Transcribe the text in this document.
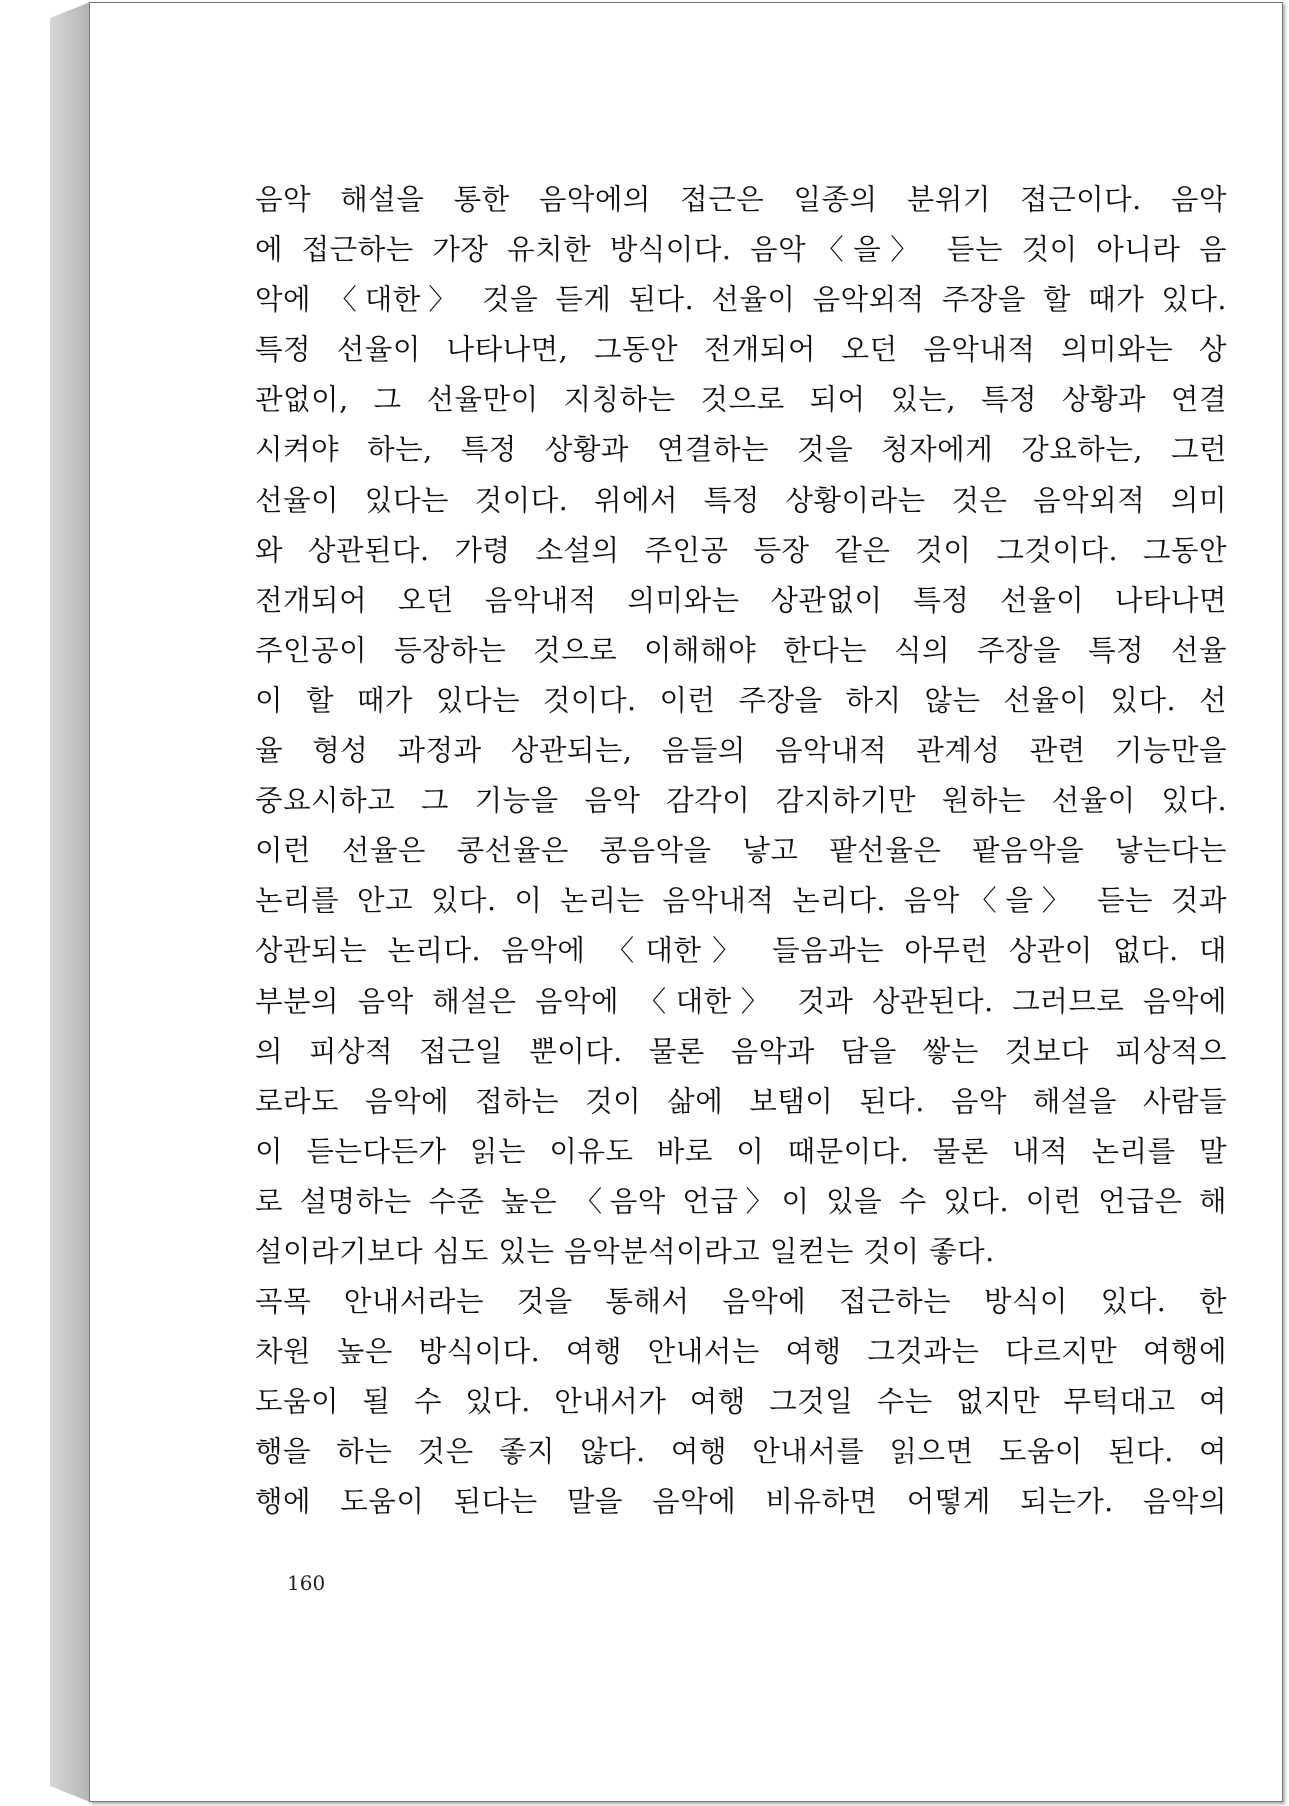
음악 해설을 통한 음악에의 접근은 일종의 분위기 접근이다. 음악
에 접근하는 가장 유치한 방식이다. 음악〈을〉 듣는 것이 아니라 음
악에 〈대한〉 것을 듣게 된다. 선율이 음악외적 주장을 할 때가 있다.
특정 선율이 나타나면, 그동안 전개되어 오던 음악내적 의미와는 상
관없이, 그 선율만이 지칭하는 것으로 되어 있는, 특정 상황과 연결
시켜야 하는, 특정 상황과 연결하는 것을 청자에게 강요하는, 그런
선율이 있다는 것이다. 위에서 특정 상황이라는 것은 음악외적 의미
와 상관된다. 가령 소설의 주인공 등장 같은 것이 그것이다. 그동안
전개되어 오던 음악내적 의미와는 상관없이 특정 선율이 나타나면
주인공이 등장하는 것으로 이해해야 한다는 식의 주장을 특정 선율
이 할 때가 있다는 것이다. 이런 주장을 하지 않는 선율이 있다. 선
율 형성 과정과 상관되는, 음들의 음악내적 관계성 관련 기능만을
중요시하고 그 기능을 음악 감각이 감지하기만 원하는 선율이 있다.
이런 선율은 콩선율은 콩음악을 낳고 팥선율은 팥음악을 낳는다는
논리를 안고 있다. 이 논리는 음악내적 논리다. 음악〈을〉 듣는 것과
상관되는 논리다. 음악에 〈대한〉 들음과는 아무런 상관이 없다. 대
부분의 음악 해설은 음악에 〈대한〉 것과 상관된다. 그러므로 음악에
의 피상적 접근일 뿐이다. 물론 음악과 담을 쌓는 것보다 피상적으
로라도 음악에 접하는 것이 삶에 보탬이 된다. 음악 해설을 사람들
이 듣는다든가 읽는 이유도 바로 이 때문이다. 물론 내적 논리를 말
로 설명하는 수준 높은 〈음악 언급〉이 있을 수 있다. 이런 언급은 해
설이라기보다 심도 있는 음악분석이라고 일컫는 것이 좋다.
곡목 안내서라는 것을 통해서 음악에 접근하는 방식이 있다. 한
차원 높은 방식이다. 여행 안내서는 여행 그것과는 다르지만 여행에
도움이 될 수 있다. 안내서가 여행 그것일 수는 없지만 무턱대고 여
행을 하는 것은 좋지 않다. 여행 안내서를 읽으면 도움이 된다. 여
행에 도움이 된다는 말을 음악에 비유하면 어떻게 되는가. 음악의
160
